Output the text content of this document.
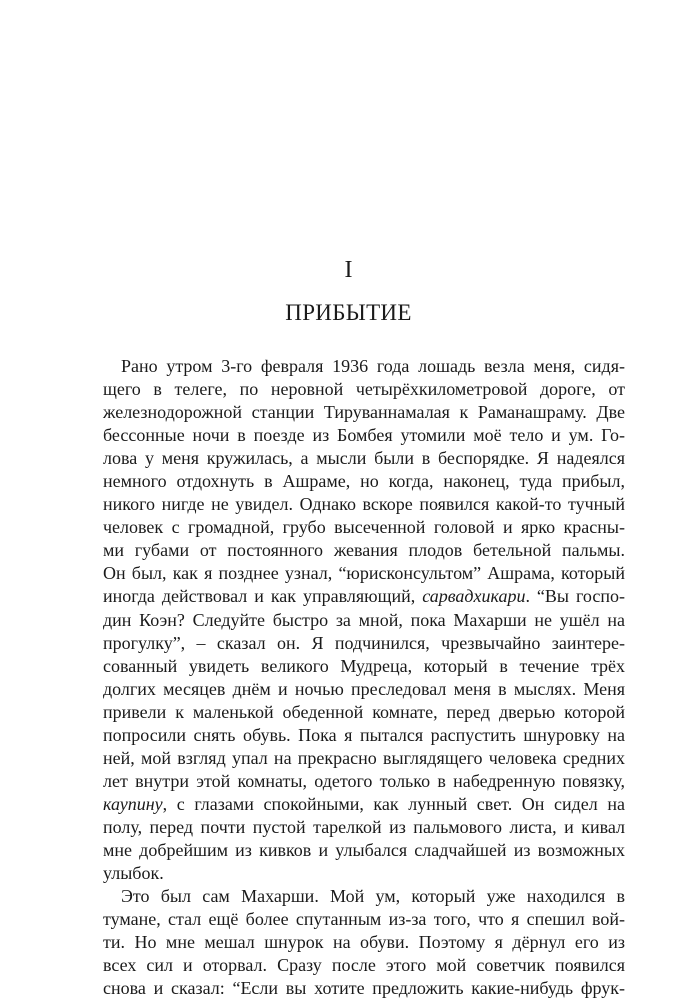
I
ПРИБЫТИЕ
Рано утром 3-го февраля 1936 года лошадь везла меня, сидя-
щего в телеге, по неровной четырёхкилометровой дороге, от
железнодорожной станции Тируваннамалая к Раманашраму. Две
бессонные ночи в поезде из Бомбея утомили моё тело и ум. Го-
лова у меня кружилась, а мысли были в беспорядке. Я надеялся
немного отдохнуть в Ашраме, но когда, наконец, туда прибыл,
никого нигде не увидел. Однако вскоре появился какой-то тучный
человек с громадной, грубо высеченной головой и ярко красны-
ми губами от постоянного жевания плодов бетельной пальмы.
Он был, как я позднее узнал, “юрисконсультом” Ашрама, который
иногда действовал и как управляющий, сарвадхикари. “Вы госпо-
дин Коэн? Следуйте быстро за мной, пока Махарши не ушёл на
прогулку”, – сказал он. Я подчинился, чрезвычайно заинтере-
сованный увидеть великого Мудреца, который в течение трёх
долгих месяцев днём и ночью преследовал меня в мыслях. Меня
привели к маленькой обеденной комнате, перед дверью которой
попросили снять обувь. Пока я пытался распустить шнуровку на
ней, мой взгляд упал на прекрасно выглядящего человека средних
лет внутри этой комнаты, одетого только в набедренную повязку,
каупину, с глазами спокойными, как лунный свет. Он сидел на
полу, перед почти пустой тарелкой из пальмового листа, и кивал
мне добрейшим из кивков и улыбался сладчайшей из возможных
улыбок.
Это был сам Махарши. Мой ум, который уже находился в
тумане, стал ещё более спутанным из-за того, что я спешил вой-
ти. Но мне мешал шнурок на обуви. Поэтому я дёрнул его из
всех сил и оторвал. Сразу после этого мой советчик появился
снова и сказал: “Если вы хотите предложить какие-нибудь фрук-
